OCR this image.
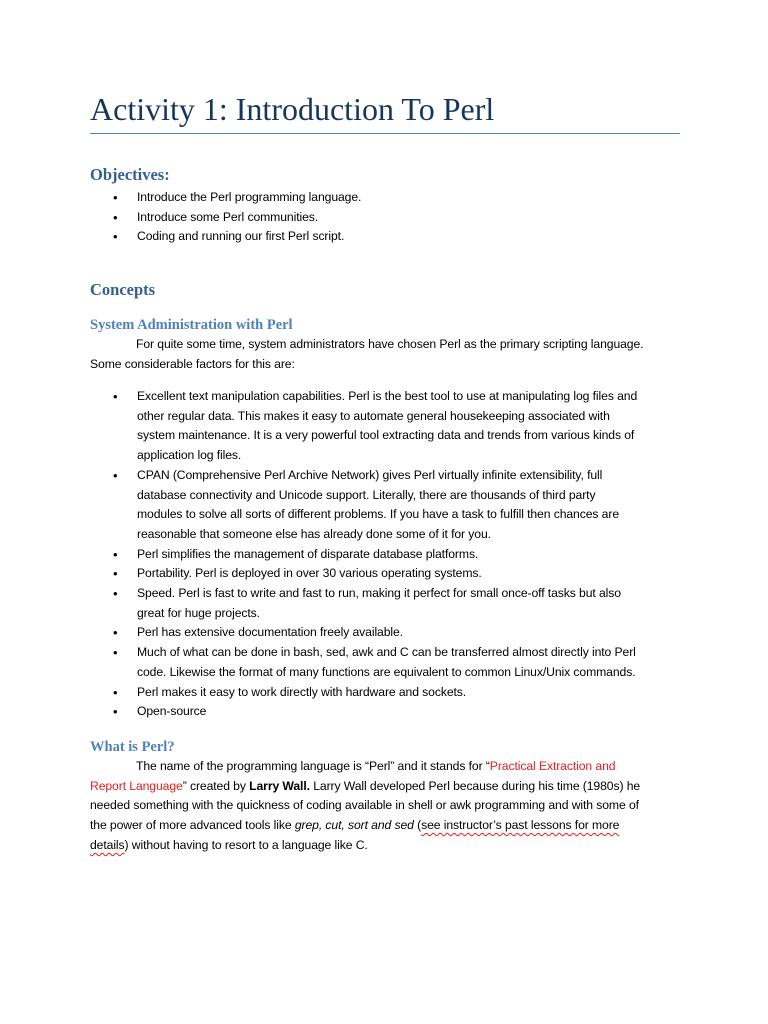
Activity 1: Introduction To Perl
Objectives:
• Introduce the Perl programming language.
• Introduce some Perl communities.
• Coding and running our first Perl script.
Concepts
System Administration with Perl
For quite some time, system administrators have chosen Perl as the primary scripting language.
Some considerable factors for this are:
• Excellent text manipulation capabilities. Perl is the best tool to use at manipulating log files and
other regular data. This makes it easy to automate general housekeeping associated with
system maintenance. It is a very powerful tool extracting data and trends from various kinds of
application log files.
• CPAN (Comprehensive Perl Archive Network) gives Perl virtually infinite extensibility, full
database connectivity and Unicode support. Literally, there are thousands of third party
modules to solve all sorts of different problems. If you have a task to fulfill then chances are
reasonable that someone else has already done some of it for you.
• Perl simplifies the management of disparate database platforms.
• Portability. Perl is deployed in over 30 various operating systems.
• Speed. Perl is fast to write and fast to run, making it perfect for small once-off tasks but also
great for huge projects.
• Perl has extensive documentation freely available.
• Much of what can be done in bash, sed, awk and C can be transferred almost directly into Perl
code. Likewise the format of many functions are equivalent to common Linux/Unix commands.
• Perl makes it easy to work directly with hardware and sockets.
• Open-source
What is Perl?
The name of the programming language is “Perl” and it stands for “Practical Extraction and
Report Language” created by Larry Wall. Larry Wall developed Perl because during his time (1980s) he
needed something with the quickness of coding available in shell or awk programming and with some of
the power of more advanced tools like grep, cut, sort and sed (see instructor’s past lessons for more
details) without having to resort to a language like C.
